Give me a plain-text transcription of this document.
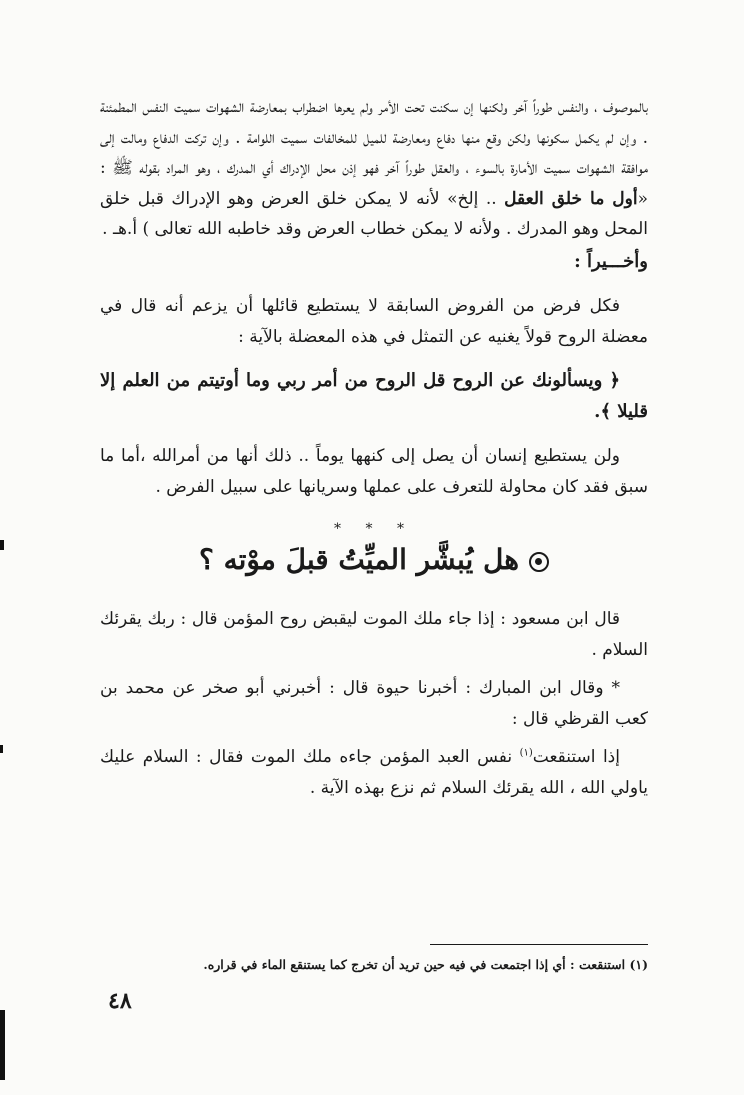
بالموصوف ، والنفس طوراً آخر ولكنها إن سكنت تحت الأمر ولم يعرها اضطراب بمعارضة الشهوات سميت النفس المطمئنة . وإن لم يكمل سكونها ولكن وقع منها دفاع ومعارضة للميل للمخالفات سميت اللوامة . وإن تركت الدفاع ومالت إلى موافقة الشهوات سميت الأمارة بالسوء ، والعقل طوراً آخر فهو إذن محل الإدراك أي المدرك ، وهو المراد بقوله ﷺ : «أول ما خلق العقل .. إلخ» لأنه لا يمكن خلق العرض وهو الإدراك قبل خلق المحل وهو المدرك . ولأنه لا يمكن خطاب العرض وقد خاطبه الله تعالى ) أ.هـ .

وأخـــيراً :

فكل فرض من الفروض السابقة لا يستطيع قائلها أن يزعم أنه قال في معضلة الروح قولاً يغنيه عن التمثل في هذه المعضلة بالآية :

﴿ ويسألونك عن الروح قل الروح من أمر ربي وما أوتيتم من العلم إلا قليلا ﴾.

ولن يستطيع إنسان أن يصل إلى كنهها يوماً .. ذلك أنها من أمرالله ،أما ما سبق فقد كان محاولة للتعرف على عملها وسريانها على سبيل الفرض .

* * *
هل يُبشَّر الميِّتُ قبلَ موْته ؟

قال ابن مسعود : إذا جاء ملك الموت ليقبض روح المؤمن قال : ربك يقرئك السلام .

* وقال ابن المبارك : أخبرنا حيوة قال : أخبرني أبو صخر عن محمد بن كعب القرظي قال :

إذا استنقعت$^{(١)}$ نفس العبد المؤمن جاءه ملك الموت فقال : السلام عليك ياولي الله ، الله يقرئك السلام ثم نزع بهذه الآية .

(١) استنقعت : أي إذا اجتمعت في فيه حين تريد أن تخرج كما يستنقع الماء في قراره.
٤٨
